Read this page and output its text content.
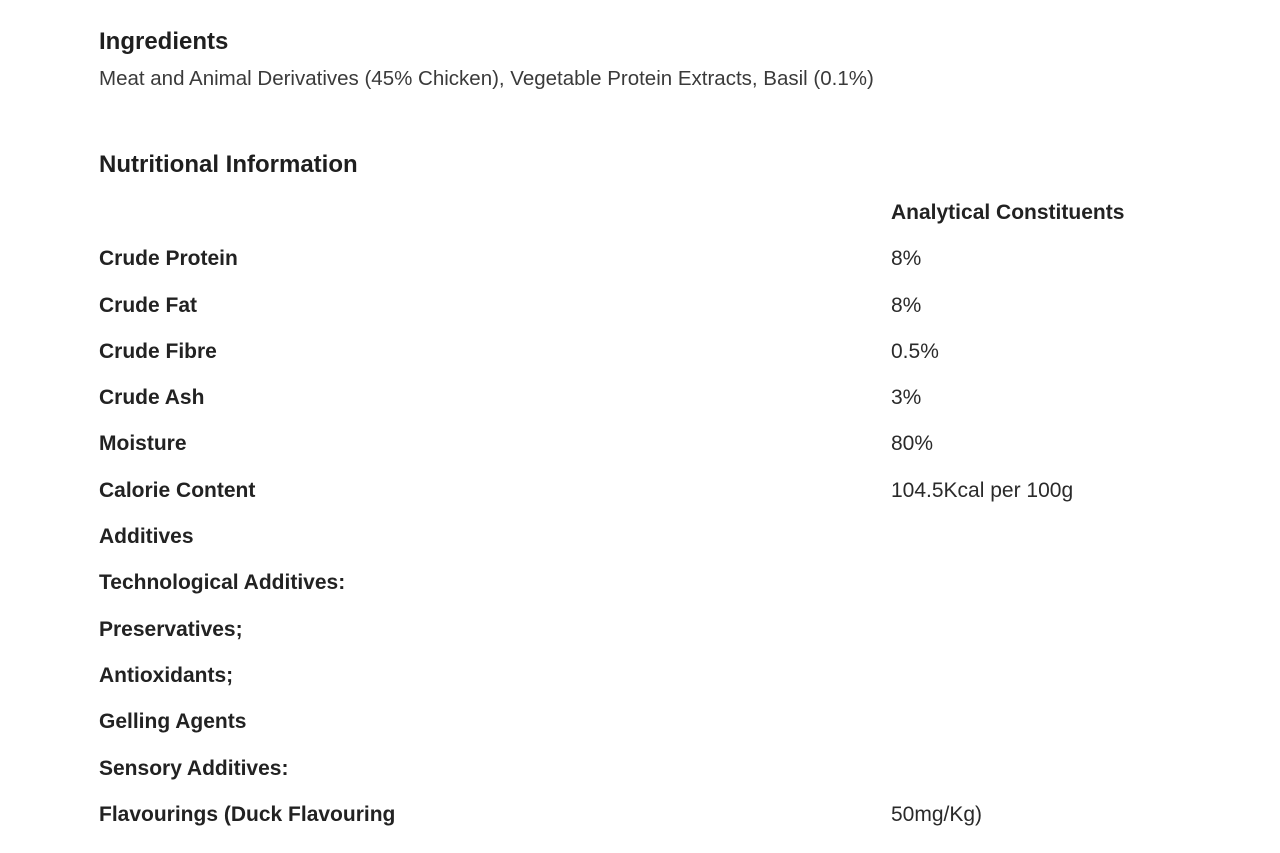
Ingredients
Meat and Animal Derivatives (45% Chicken), Vegetable Protein Extracts, Basil (0.1%)
Nutritional Information
Analytical Constituents
Crude Protein	8%
Crude Fat	8%
Crude Fibre	0.5%
Crude Ash	3%
Moisture	80%
Calorie Content	104.5Kcal per 100g
Additives
Technological Additives:
Preservatives;
Antioxidants;
Gelling Agents
Sensory Additives:
Flavourings (Duck Flavouring	50mg/Kg)
